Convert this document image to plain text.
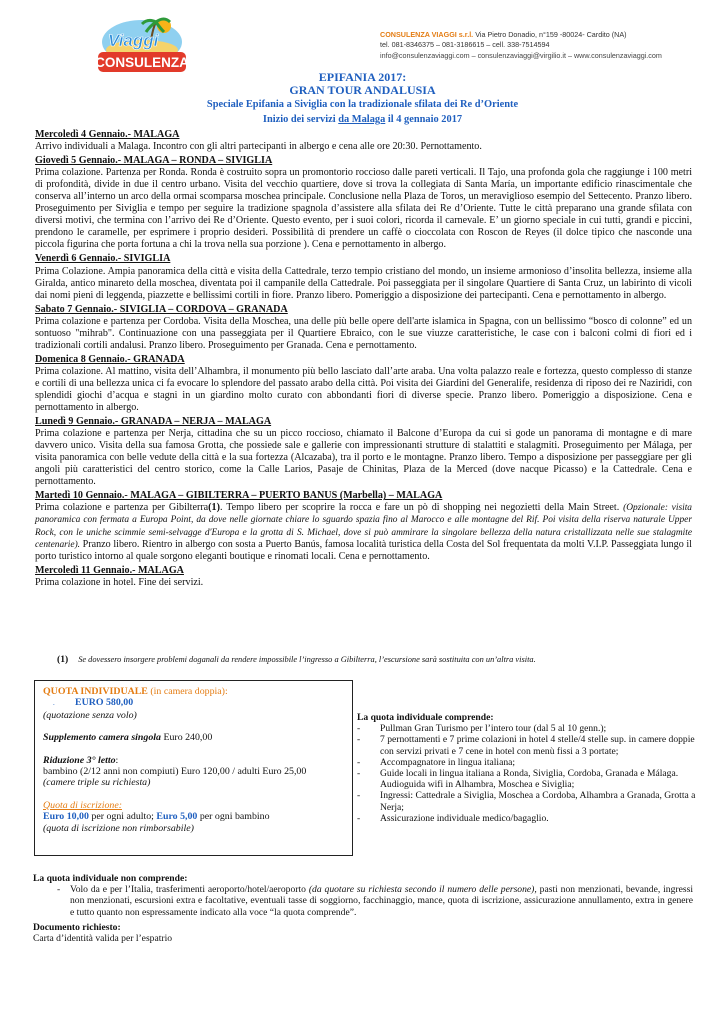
Viaggi
CONSULENZA
CONSULENZA VIAGGI s.r.l. Via Pietro Donadio, n°159 -80024- Cardito (NA)
tel. 081-8346375 – 081-3186615 – cell. 338-7514594
info@consulenzaviaggi.com – consulenzaviaggi@virgilio.it – www.consulenzaviaggi.com
EPIFANIA 2017:
GRAN TOUR ANDALUSIA
Speciale Epifania a Siviglia con la tradizionale sfilata dei Re d’Oriente
Inizio dei servizi da Malaga il 4 gennaio 2017
Mercoledì 4 Gennaio.- MALAGA
Arrivo individuali a Malaga. Incontro con gli altri partecipanti in albergo e cena alle ore 20:30. Pernottamento.
Giovedì 5 Gennaio.- MALAGA – RONDA – SIVIGLIA
Prima colazione. Partenza per Ronda. Ronda è costruito sopra un promontorio roccioso dalle pareti verticali. Il Tajo, una profonda gola che raggiunge i 100 metri di profondità, divide in due il centro urbano. Visita del vecchio quartiere, dove si trova la collegiata di Santa María, un importante edificio rinascimentale che conserva all’interno un arco della ormai scomparsa moschea principale. Conclusione nella Plaza de Toros, un meraviglioso esempio del Settecento. Pranzo libero. Proseguimento per Siviglia e tempo per seguire la tradizione spagnola d’assistere alla sfilata dei Re d’Oriente. Tutte le città preparano una grande sfilata con diversi motivi, che termina con l’arrivo dei Re d’Oriente. Questo evento, per i suoi colori, ricorda il carnevale. E’ un giorno speciale in cui tutti, grandi e piccini, prendono le caramelle, per esprimere i proprio desideri. Possibilità di prendere un caffè o cioccolata con Roscon de Reyes (il dolce tipico che nasconde una piccola figurina che porta fortuna a chi la trova nella sua porzione ). Cena e pernottamento in albergo.
Venerdì 6 Gennaio.- SIVIGLIA
Prima Colazione. Ampia panoramica della città e visita della Cattedrale, terzo tempio cristiano del mondo, un insieme armonioso d’insolita bellezza, insieme alla Giralda, antico minareto della moschea, diventata poi il campanile della Cattedrale. Poi passeggiata per il singolare Quartiere di Santa Cruz, un labirinto di vicoli dai nomi pieni di leggenda, piazzette e bellissimi cortili in fiore. Pranzo libero. Pomeriggio a disposizione dei partecipanti. Cena e pernottamento in albergo.
Sabato 7 Gennaio.- SIVIGLIA – CORDOVA – GRANADA
Prima colazione e partenza per Cordoba. Visita della Moschea, una delle più belle opere dell'arte islamica in Spagna, con un bellissimo “bosco di colonne” ed un sontuoso "mihrab". Continuazione con una passeggiata per il Quartiere Ebraico, con le sue viuzze caratteristiche, le case con i balconi colmi di fiori ed i tradizionali cortili andalusi. Pranzo libero. Proseguimento per Granada. Cena e pernottamento.
Domenica 8 Gennaio.- GRANADA
Prima colazione. Al mattino, visita dell’Alhambra, il monumento più bello lasciato dall’arte araba. Una volta palazzo reale e fortezza, questo complesso di stanze e cortili di una bellezza unica ci fa evocare lo splendore del passato arabo della città. Poi visita dei Giardini del Generalife, residenza di riposo dei re Naziridi, con splendidi giochi d’acqua e stagni in un giardino molto curato con abbondanti fiori di diverse specie. Pranzo libero. Pomeriggio a disposizione. Cena e pernottamento in albergo.
Lunedì 9 Gennaio.- GRANADA – NERJA – MALAGA
Prima colazione e partenza per Nerja, cittadina che su un picco roccioso, chiamato il Balcone d’Europa da cui si gode un panorama di montagne e di mare davvero unico. Visita della sua famosa Grotta, che possiede sale e gallerie con impressionanti strutture di stalattiti e stalagmiti. Proseguimento per Málaga, per visita panoramica con belle vedute della città e la sua fortezza (Alcazaba), tra il porto e le montagne. Pranzo libero. Tempo a disposizione per passeggiare per gli angoli più caratteristici del centro storico, come la Calle Larios, Pasaje de Chinitas, Plaza de la Merced (dove nacque Picasso) e la Cattedrale. Cena e pernottamento.
Martedì 10 Gennaio.- MALAGA – GIBILTERRA – PUERTO BANUS (Marbella) – MALAGA
Prima colazione e partenza per Gibilterra(1). Tempo libero per scoprire la rocca e fare un pò di shopping nei negozietti della Main Street. (Opzionale: visita panoramica con fermata a Europa Point, da dove nelle giornate chiare lo sguardo spazia fino al Marocco e alle montagne del Rif. Poi visita della riserva naturale Upper Rock, con le uniche scimmie semi-selvagge d'Europa e la grotta di S. Michael, dove si può ammirare la singolare bellezza della natura cristallizzata nelle sue stalagmite centenarie). Pranzo libero. Rientro in albergo con sosta a Puerto Banús, famosa località turistica della Costa del Sol frequentata da molti V.I.P. Passeggiata lungo il porto turistico intorno al quale sorgono eleganti boutique e rinomati locali. Cena e pernottamento.
Mercoledì 11 Gennaio.- MALAGA
Prima colazione in hotel. Fine dei servizi.
(1) Se dovessero insorgere problemi doganali da rendere impossibile l’ingresso a Gibilterra, l’escursione sarà sostituita con un’altra visita.
QUOTA INDIVIDUALE (in camera doppia):
. EURO 580,00
(quotazione senza volo)
Supplemento camera singola Euro 240,00
Riduzione 3° letto:
bambino (2/12 anni non compiuti) Euro 120,00 / adulti Euro 25,00
(camere triple su richiesta)
Quota di iscrizione:
Euro 10,00 per ogni adulto; Euro 5,00 per ogni bambino
(quota di iscrizione non rimborsabile)
La quota individuale comprende:
- Pullman Gran Turismo per l’intero tour (dal 5 al 10 genn.);
- 7 pernottamenti e 7 prime colazioni in hotel 4 stelle/4 stelle sup. in camere doppie con servizi privati e 7 cene in hotel con menù fissi a 3 portate;
- Accompagnatore in lingua italiana;
- Guide locali in lingua italiana a Ronda, Siviglia, Cordoba, Granada e Málaga. Audioguida wifi in Alhambra, Moschea e Siviglia;
- Ingressi: Cattedrale a Siviglia, Moschea a Cordoba, Alhambra a Granada, Grotta a Nerja;
- Assicurazione individuale medico/bagaglio.
La quota individuale non comprende:
- Volo da e per l’Italia, trasferimenti aeroporto/hotel/aeroporto (da quotare su richiesta secondo il numero delle persone), pasti non menzionati, bevande, ingressi non menzionati, escursioni extra e facoltative, eventuali tasse di soggiorno, facchinaggio, mance, quota di iscrizione, assicurazione annullamento, extra in genere e tutto quanto non espressamente indicato alla voce “la quota comprende”.
Documento richiesto:
Carta d’identità valida per l’espatrio
